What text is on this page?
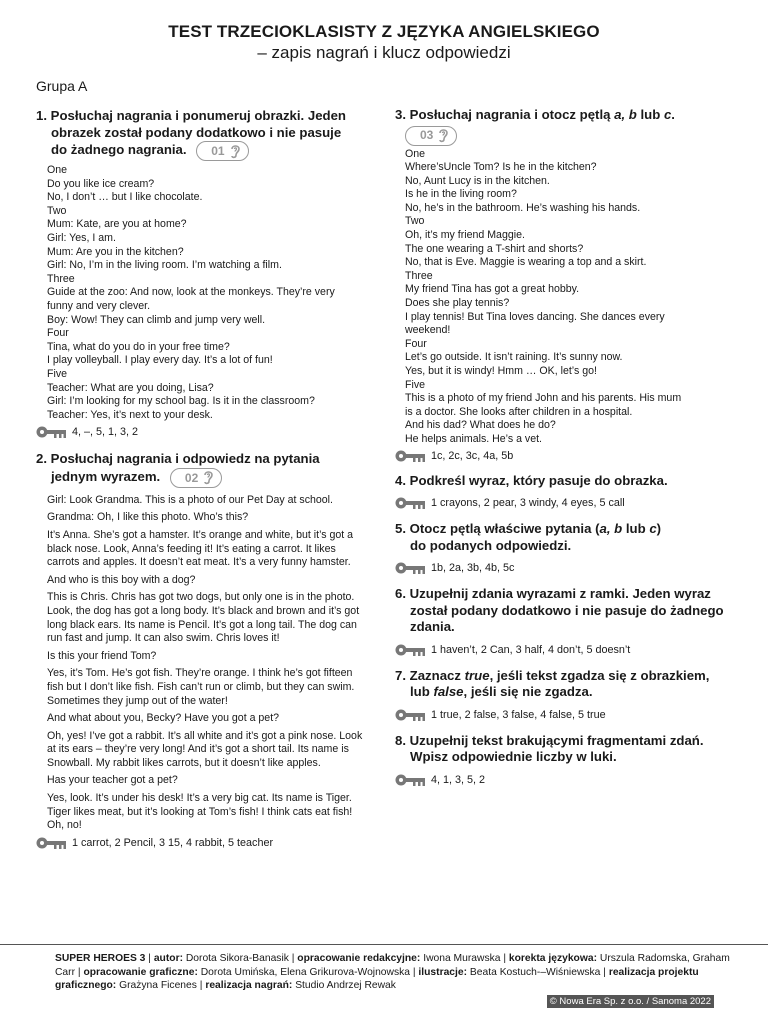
TEST TRZECIOKLASISTY Z JĘZYKA ANGIELSKIEGO
– zapis nagrań i klucz odpowiedzi
Grupa A
1. Posłuchaj nagrania i ponumeruj obrazki. Jeden
obrazek został podany dodatkowo i nie pasuje
do żadnego nagrania. 01
One
Do you like ice cream?
No, I don’t … but I like chocolate.
Two
Mum: Kate, are you at home?
Girl: Yes, I am.
Mum: Are you in the kitchen?
Girl: No, I’m in the living room. I’m watching a film.
Three
Guide at the zoo: And now, look at the monkeys. They’re very
funny and very clever.
Boy: Wow! They can climb and jump very well.
Four
Tina, what do you do in your free time?
I play volleyball. I play every day. It’s a lot of fun!
Five
Teacher: What are you doing, Lisa?
Girl: I’m looking for my school bag. Is it in the classroom?
Teacher: Yes, it’s next to your desk.
4, –, 5, 1, 3, 2
2. Posłuchaj nagrania i odpowiedz na pytania jednym wyrazem. 02

Girl: Look Grandma. This is a photo of our Pet Day at school.

Grandma: Oh, I like this photo. Who’s this?

It’s Anna. She’s got a hamster. It’s orange and white, but it’s got a black nose. Look, Anna’s feeding it! It’s eating a carrot. It likes carrots and apples. It doesn’t eat meat. It’s a very funny hamster.

And who is this boy with a dog?

This is Chris. Chris has got two dogs, but only one is in the photo. Look, the dog has got a long body. It’s black and brown and it’s got long black ears. Its name is Pencil. It’s got a long tail. The dog can run fast and jump. It can also swim. Chris loves it!

Is this your friend Tom?

Yes, it’s Tom. He’s got fish. They’re orange. I think he’s got fifteen fish but I don’t like fish. Fish can’t run or climb, but they can swim. Sometimes they jump out of the water!

And what about you, Becky? Have you got a pet?

Oh, yes! I’ve got a rabbit. It’s all white and it’s got a pink nose. Look at its ears – they’re very long! And it’s got a short tail. Its name is Snowball. My rabbit likes carrots, but it doesn’t like apples.

Has your teacher got a pet?

Yes, look. It’s under his desk! It’s a very big cat. Its name is Tiger. Tiger likes meat, but it’s looking at Tom’s fish! I think cats eat fish! Oh, no!

1 carrot, 2 Pencil, 3 15, 4 rabbit, 5 teacher
3. Posłuchaj nagrania i otocz pętlą a, b lub c.
03
One
Where’sUncle Tom? Is he in the kitchen?
No, Aunt Lucy is in the kitchen.
Is he in the living room?
No, he’s in the bathroom. He’s washing his hands.
Two
Oh, it’s my friend Maggie.
The one wearing a T-shirt and shorts?
No, that is Eve. Maggie is wearing a top and a skirt.
Three
My friend Tina has got a great hobby.
Does she play tennis?
I play tennis! But Tina loves dancing. She dances every
weekend!
Four
Let’s go outside. It isn’t raining. It’s sunny now.
Yes, but it is windy! Hmm … OK, let’s go!
Five
This is a photo of my friend John and his parents. His mum
is a doctor. She looks after children in a hospital.
And his dad? What does he do?
He helps animals. He’s a vet.
1c, 2c, 3c, 4a, 5b
4. Podkreśl wyraz, który pasuje do obrazka.
1 crayons, 2 pear, 3 windy, 4 eyes, 5 call
5. Otocz pętlą właściwe pytania (a, b lub c)
do podanych odpowiedzi.
1b, 2a, 3b, 4b, 5c
6. Uzupełnij zdania wyrazami z ramki. Jeden wyraz
został podany dodatkowo i nie pasuje do żadnego
zdania.
1 haven’t, 2 Can, 3 half, 4 don’t, 5 doesn’t
7. Zaznacz true, jeśli tekst zgadza się z obrazkiem,
lub false, jeśli się nie zgadza.
1 true, 2 false, 3 false, 4 false, 5 true
8. Uzupełnij tekst brakującymi fragmentami zdań.
Wpisz odpowiednie liczby w luki.
4, 1, 3, 5, 2
SUPER HEROES 3 | autor: Dorota Sikora-Banasik | opracowanie redakcyjne: Iwona Murawska | korekta językowa: Urszula Radomska, Graham Carr | opracowanie graficzne: Dorota Umińska, Elena Grikurova-Wojnowska | ilustracje: Beata Kostuch-–Wiśniewska | realizacja projektu graficznego: Grażyna Ficenes | realizacja nagrań: Studio Andrzej Rewak
© Nowa Era Sp. z o.o. / Sanoma 2022
